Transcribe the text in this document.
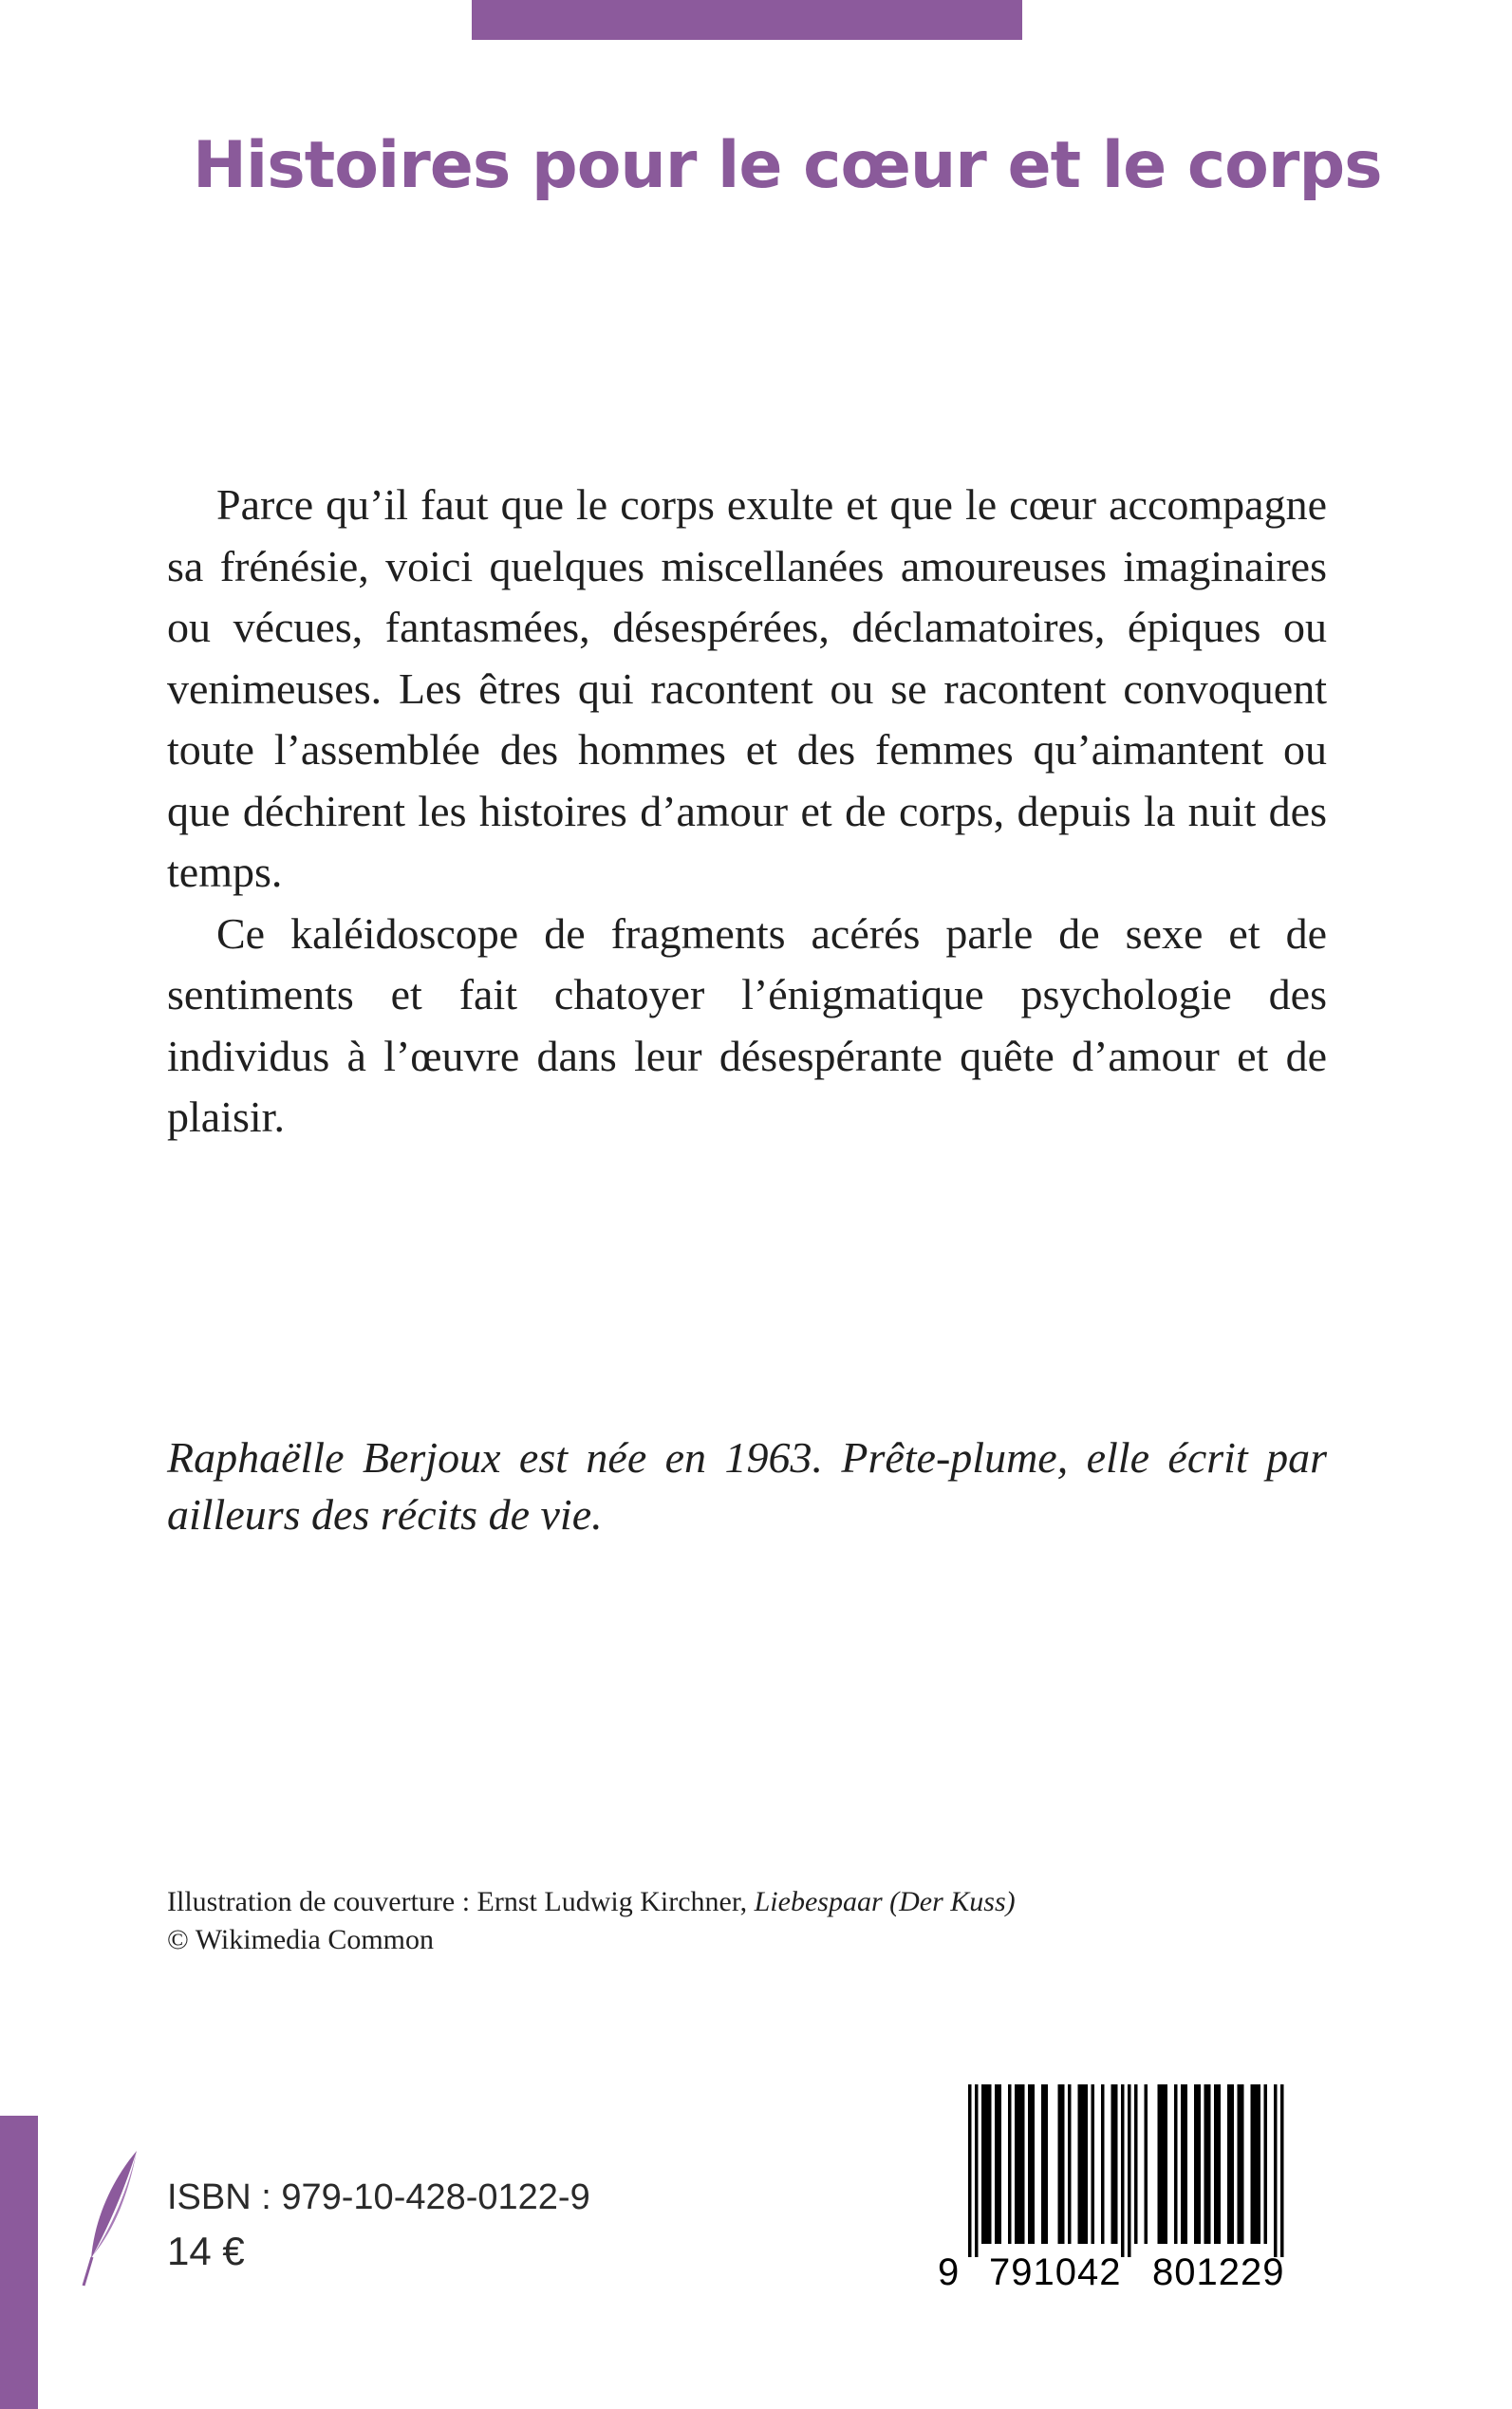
Histoires pour le cœur et le corps

Parce qu’il faut que le corps exulte et que le cœur accompagne sa frénésie, voici quelques miscellanées amoureuses imaginaires ou vécues, fantasmées, désespérées, déclamatoires, épiques ou venimeuses. Les êtres qui racontent ou se racontent convoquent toute l’assemblée des hommes et des femmes qu’aimantent ou que déchirent les histoires d’amour et de corps, depuis la nuit des temps.

Ce kaléidoscope de fragments acérés parle de sexe et de sentiments et fait chatoyer l’énigmatique psychologie des individus à l’œuvre dans leur désespérante quête d’amour et de plaisir.

Raphaëlle Berjoux est née en 1963. Prête-plume, elle écrit par ailleurs des récits de vie.

Illustration de couverture : Ernst Ludwig Kirchner, Liebespaar (Der Kuss)
© Wikimedia Common

ISBN : 979-10-428-0122-9

14 €	9 791042 801229
